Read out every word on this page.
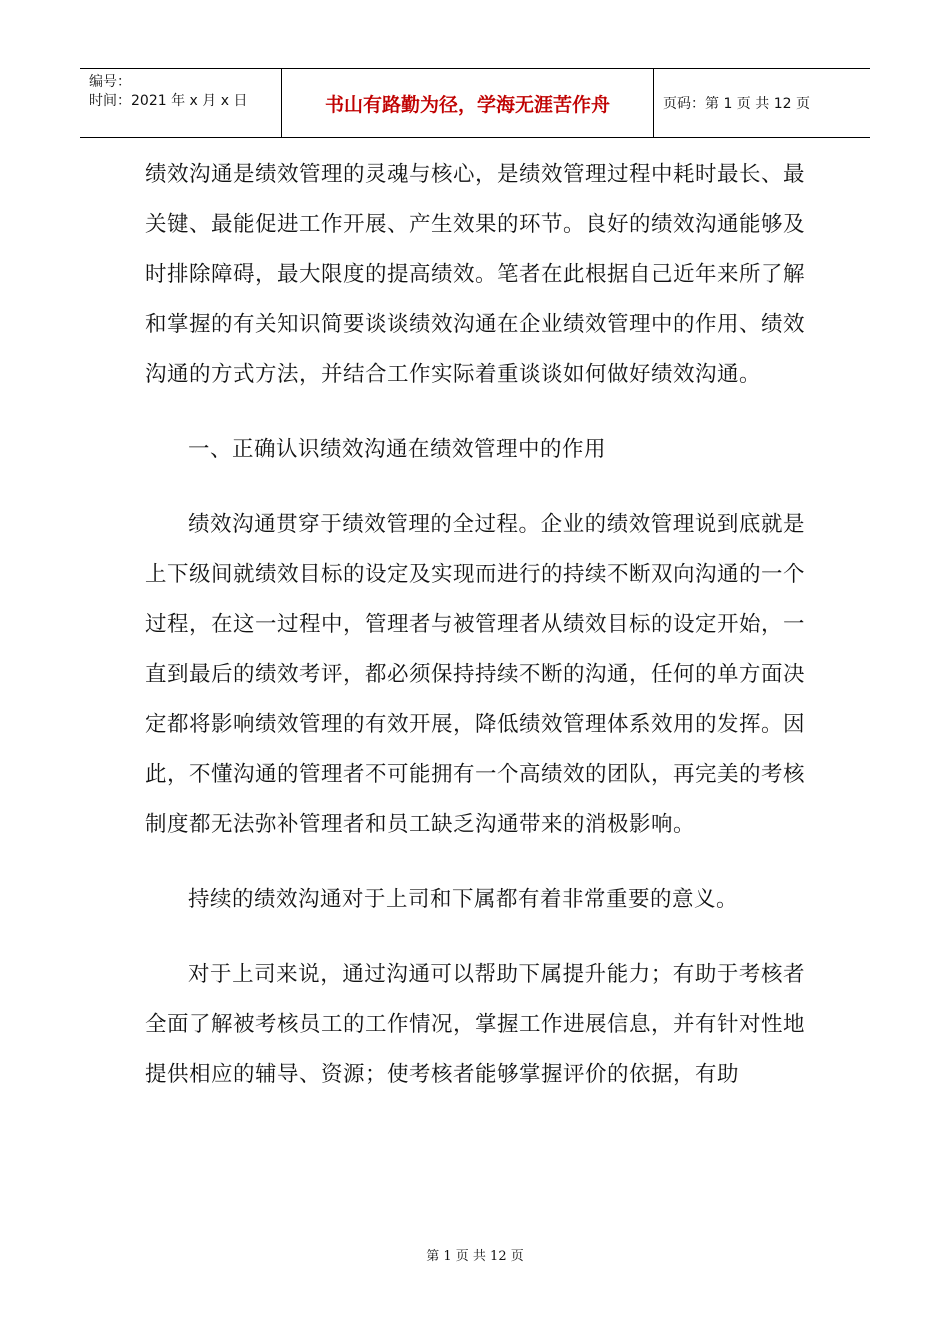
编号：
时间：2021 年 x 月 x 日	书山有路勤为径，学海无涯苦作舟	页码：第 1 页 共 12 页

绩效沟通是绩效管理的灵魂与核心，是绩效管理过程中耗时最长、最关键、最能促进工作开展、产生效果的环节。良好的绩效沟通能够及时排除障碍，最大限度的提高绩效。笔者在此根据自己近年来所了解和掌握的有关知识简要谈谈绩效沟通在企业绩效管理中的作用、绩效沟通的方式方法，并结合工作实际着重谈谈如何做好绩效沟通。

一、正确认识绩效沟通在绩效管理中的作用

绩效沟通贯穿于绩效管理的全过程。企业的绩效管理说到底就是上下级间就绩效目标的设定及实现而进行的持续不断双向沟通的一个过程，在这一过程中，管理者与被管理者从绩效目标的设定开始，一直到最后的绩效考评，都必须保持持续不断的沟通，任何的单方面决定都将影响绩效管理的有效开展，降低绩效管理体系效用的发挥。因此，不懂沟通的管理者不可能拥有一个高绩效的团队，再完美的考核制度都无法弥补管理者和员工缺乏沟通带来的消极影响。

持续的绩效沟通对于上司和下属都有着非常重要的意义。

对于上司来说，通过沟通可以帮助下属提升能力；有助于考核者全面了解被考核员工的工作情况，掌握工作进展信息，并有针对性地提供相应的辅导、资源；使考核者能够掌握评价的依据，有助

第 1 页 共 12 页
